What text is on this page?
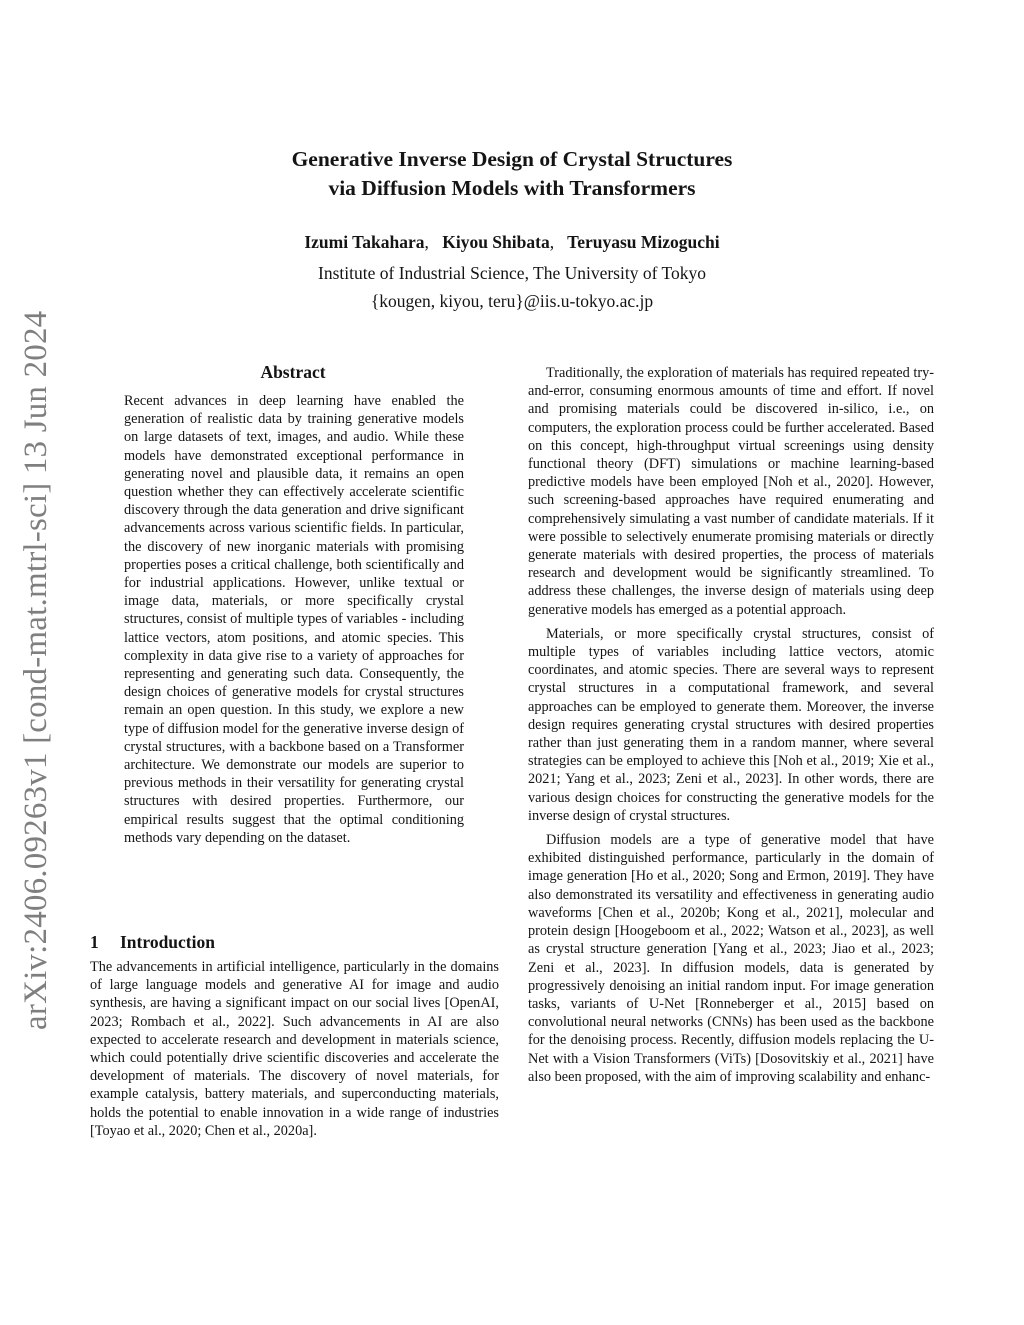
arXiv:2406.09263v1 [cond-mat.mtrl-sci] 13 Jun 2024
Generative Inverse Design of Crystal Structures
via Diffusion Models with Transformers
Izumi Takahara, Kiyou Shibata, Teruyasu Mizoguchi
Institute of Industrial Science, The University of Tokyo
{kougen, kiyou, teru}@iis.u-tokyo.ac.jp
Abstract

Recent advances in deep learning have enabled the generation of realistic data by training generative models on large datasets of text, images, and audio. While these models have demonstrated exceptional performance in generating novel and plausible data, it remains an open question whether they can effectively accelerate scientific discovery through the data generation and drive significant advancements across various scientific fields. In particular, the discovery of new inorganic materials with promising properties poses a critical challenge, both scientifically and for industrial applications. However, unlike textual or image data, materials, or more specifically crystal structures, consist of multiple types of variables - including lattice vectors, atom positions, and atomic species. This complexity in data give rise to a variety of approaches for representing and generating such data. Consequently, the design choices of generative models for crystal structures remain an open question. In this study, we explore a new type of diffusion model for the generative inverse design of crystal structures, with a backbone based on a Transformer architecture. We demonstrate our models are superior to previous methods in their versatility for generating crystal structures with desired properties. Furthermore, our empirical results suggest that the optimal conditioning methods vary depending on the dataset.

1 Introduction

The advancements in artificial intelligence, particularly in the domains of large language models and generative AI for image and audio synthesis, are having a significant impact on our social lives [OpenAI, 2023; Rombach et al., 2022]. Such advancements in AI are also expected to accelerate research and development in materials science, which could potentially drive scientific discoveries and accelerate the development of materials. The discovery of novel materials, for example catalysis, battery materials, and superconducting materials, holds the potential to enable innovation in a wide range of industries [Toyao et al., 2020; Chen et al., 2020a].

Traditionally, the exploration of materials has required repeated try-and-error, consuming enormous amounts of time and effort. If novel and promising materials could be discovered in-silico, i.e., on computers, the exploration process could be further accelerated. Based on this concept, high-throughput virtual screenings using density functional theory (DFT) simulations or machine learning-based predictive models have been employed [Noh et al., 2020]. However, such screening-based approaches have required enumerating and comprehensively simulating a vast number of candidate materials. If it were possible to selectively enumerate promising materials or directly generate materials with desired properties, the process of materials research and development would be significantly streamlined. To address these challenges, the inverse design of materials using deep generative models has emerged as a potential approach.

Materials, or more specifically crystal structures, consist of multiple types of variables including lattice vectors, atomic coordinates, and atomic species. There are several ways to represent crystal structures in a computational framework, and several approaches can be employed to generate them. Moreover, the inverse design requires generating crystal structures with desired properties rather than just generating them in a random manner, where several strategies can be employed to achieve this [Noh et al., 2019; Xie et al., 2021; Yang et al., 2023; Zeni et al., 2023]. In other words, there are various design choices for constructing the generative models for the inverse design of crystal structures.

Diffusion models are a type of generative model that have exhibited distinguished performance, particularly in the domain of image generation [Ho et al., 2020; Song and Ermon, 2019]. They have also demonstrated its versatility and effectiveness in generating audio waveforms [Chen et al., 2020b; Kong et al., 2021], molecular and protein design [Hoogeboom et al., 2022; Watson et al., 2023], as well as crystal structure generation [Yang et al., 2023; Jiao et al., 2023; Zeni et al., 2023]. In diffusion models, data is generated by progressively denoising an initial random input. For image generation tasks, variants of U-Net [Ronneberger et al., 2015] based on convolutional neural networks (CNNs) has been used as the backbone for the denoising process. Recently, diffusion models replacing the U-Net with a Vision Transformers (ViTs) [Dosovitskiy et al., 2021] have also been proposed, with the aim of improving scalability and enhanc-
